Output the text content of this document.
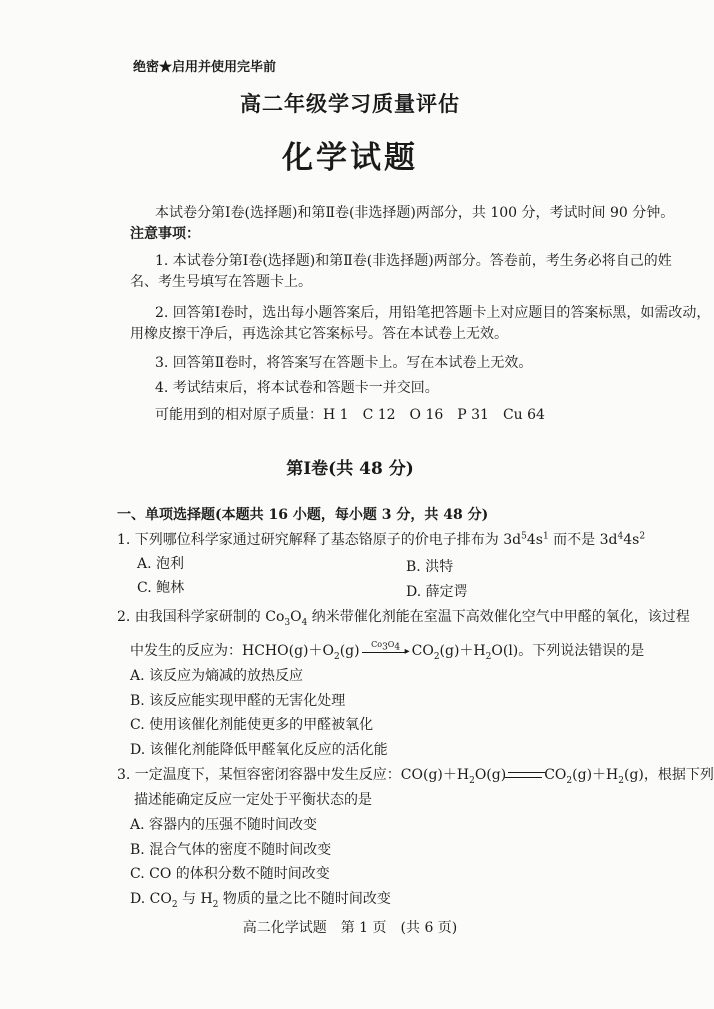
绝密★启用并使用完毕前
高二年级学习质量评估
化学试题
本试卷分第Ⅰ卷(选择题)和第Ⅱ卷(非选择题)两部分，共 100 分，考试时间 90 分钟。
注意事项：
1. 本试卷分第Ⅰ卷(选择题)和第Ⅱ卷(非选择题)两部分。答卷前，考生务必将自己的姓
名、考生号填写在答题卡上。
2. 回答第Ⅰ卷时，选出每小题答案后，用铅笔把答题卡上对应题目的答案标黑，如需改动，
用橡皮擦干净后，再选涂其它答案标号。答在本试卷上无效。
3. 回答第Ⅱ卷时，将答案写在答题卡上。写在本试卷上无效。
4. 考试结束后，将本试卷和答题卡一并交回。
可能用到的相对原子质量：H 1　C 12　O 16　P 31　Cu 64
第Ⅰ卷(共 48 分)
一、单项选择题(本题共 16 小题，每小题 3 分，共 48 分)
1. 下列哪位科学家通过研究解释了基态铬原子的价电子排布为 $3d^54s^1$ 而不是 $3d^44s^2$
A. 泡利	B. 洪特
C. 鲍林	D. 薛定谔
2. 由我国科学家研制的 $Co_3O_4$ 纳米带催化剂能在室温下高效催化空气中甲醛的氧化，该过程
中发生的反应为：$HCHO(g)+O_2(g)$	$Co_3O_4$ ▸ $CO_2(g)+H_2O(l)$。下列说法错误的是
A. 该反应为熵减的放热反应
B. 该反应能实现甲醛的无害化处理
C. 使用该催化剂能使更多的甲醛被氧化
D. 该催化剂能降低甲醛氧化反应的活化能
3. 一定温度下，某恒容密闭容器中发生反应：$CO(g)+H_2O(g)$	$CO_2(g)+H_2(g)$，根据下列
描述能确定反应一定处于平衡状态的是
A. 容器内的压强不随时间改变
B. 混合气体的密度不随时间改变
C. CO 的体积分数不随时间改变
D. $CO_2$ 与 $H_2$ 物质的量之比不随时间改变
高二化学试题　第 1 页　(共 6 页)
